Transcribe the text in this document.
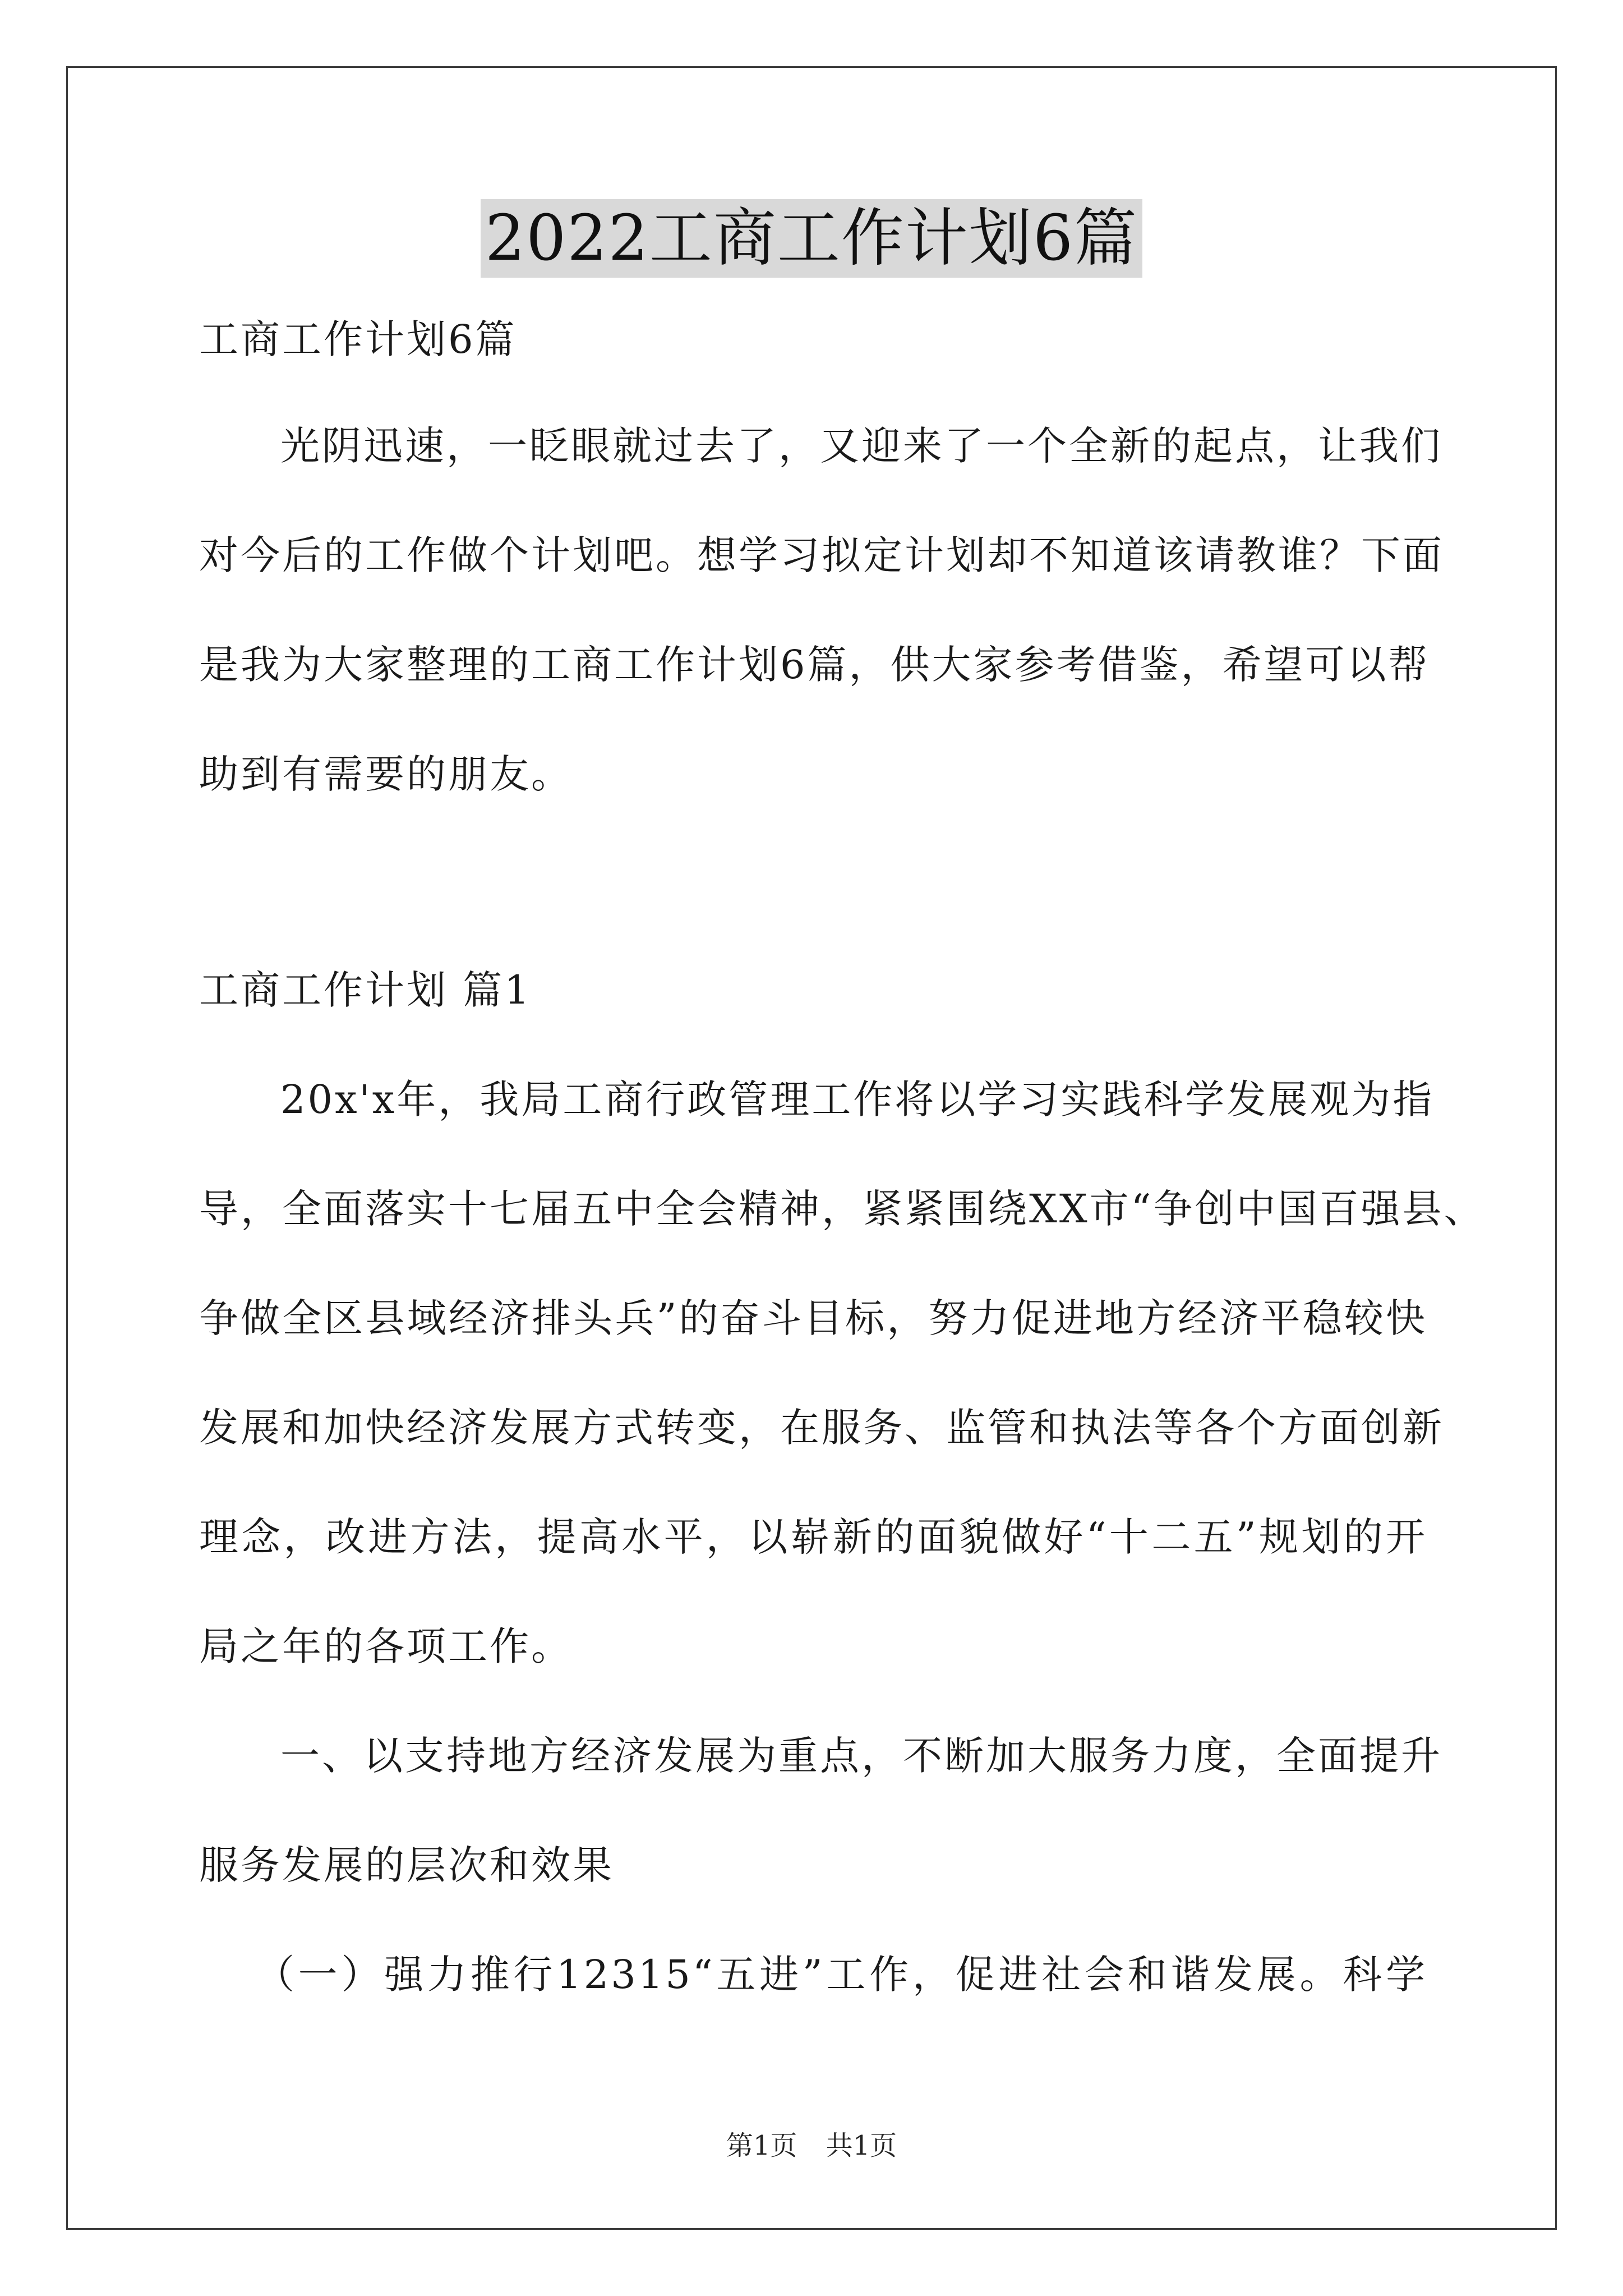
2022工商工作计划6篇
工商工作计划6篇
光阴迅速，一眨眼就过去了，又迎来了一个全新的起点，让我们
对今后的工作做个计划吧。想学习拟定计划却不知道该请教谁？下面
是我为大家整理的工商工作计划6篇，供大家参考借鉴，希望可以帮
助到有需要的朋友。
工商工作计划 篇1
20x'x年，我局工商行政管理工作将以学习实践科学发展观为指
导，全面落实十七届五中全会精神，紧紧围绕XX市“争创中国百强县、
争做全区县域经济排头兵”的奋斗目标，努力促进地方经济平稳较快
发展和加快经济发展方式转变，在服务、监管和执法等各个方面创新
理念，改进方法，提高水平，以崭新的面貌做好“十二五”规划的开
局之年的各项工作。
一、以支持地方经济发展为重点，不断加大服务力度，全面提升
服务发展的层次和效果
（一）强力推行12315“五进”工作，促进社会和谐发展。科学
第1页 共1页
